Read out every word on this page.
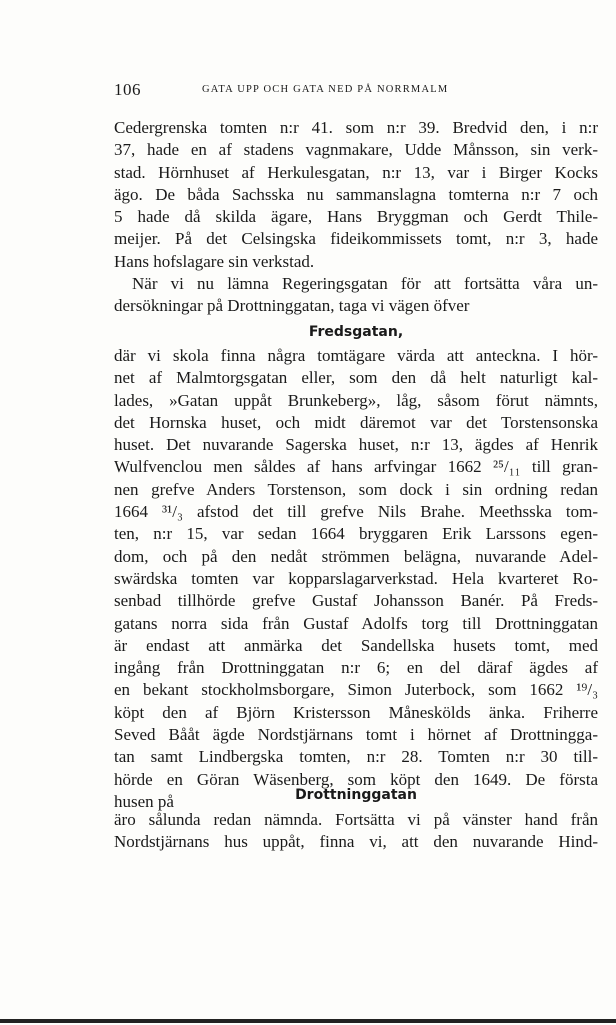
106	GATA UPP OCH GATA NED PÅ NORRMALM

Cedergrenska tomten n:r 41. som n:r 39. Bredvid den, i n:r

37, hade en af stadens vagnmakare, Udde Månsson, sin verk-

stad. Hörnhuset af Herkulesgatan, n:r 13, var i Birger Kocks

ägo. De båda Sachsska nu sammanslagna tomterna n:r 7 och

5 hade då skilda ägare, Hans Bryggman och Gerdt Thile-

meijer. På det Celsingska fideikommissets tomt, n:r 3, hade

Hans hofslagare sin verkstad.

När vi nu lämna Regeringsgatan för att fortsätta våra un-

dersökningar på Drottninggatan, taga vi vägen öfver

Fredsgatan,

där vi skola finna några tomtägare värda att anteckna. I hör-

net af Malmtorgsgatan eller, som den då helt naturligt kal-

lades, »Gatan uppåt Brunkeberg», låg, såsom förut nämnts,

det Hornska huset, och midt däremot var det Torstensonska

huset. Det nuvarande Sagerska huset, n:r 13, ägdes af Henrik

Wulfvenclou men såldes af hans arfvingar 1662 ²⁵/₁₁ till gran-

nen grefve Anders Torstenson, som dock i sin ordning redan

1664 ³¹/₃ afstod det till grefve Nils Brahe. Meethsska tom-

ten, n:r 15, var sedan 1664 bryggaren Erik Larssons egen-

dom, och på den nedåt strömmen belägna, nuvarande Adel-

swärdska tomten var kopparslagarverkstad. Hela kvarteret Ro-

senbad tillhörde grefve Gustaf Johansson Banér. På Freds-

gatans norra sida från Gustaf Adolfs torg till Drottninggatan

är endast att anmärka det Sandellska husets tomt, med

ingång från Drottninggatan n:r 6; en del däraf ägdes af

en bekant stockholmsborgare, Simon Juterbock, som 1662 ¹⁹/₃

köpt den af Björn Kristersson Måneskölds änka. Friherre

Seved Bååt ägde Nordstjärnans tomt i hörnet af Drottningga-

tan samt Lindbergska tomten, n:r 28. Tomten n:r 30 till-

hörde en Göran Wäsenberg, som köpt den 1649. De första

husen på	Drottninggatan

äro sålunda redan nämnda. Fortsätta vi på vänster hand från

Nordstjärnans hus uppåt, finna vi, att den nuvarande Hind-
